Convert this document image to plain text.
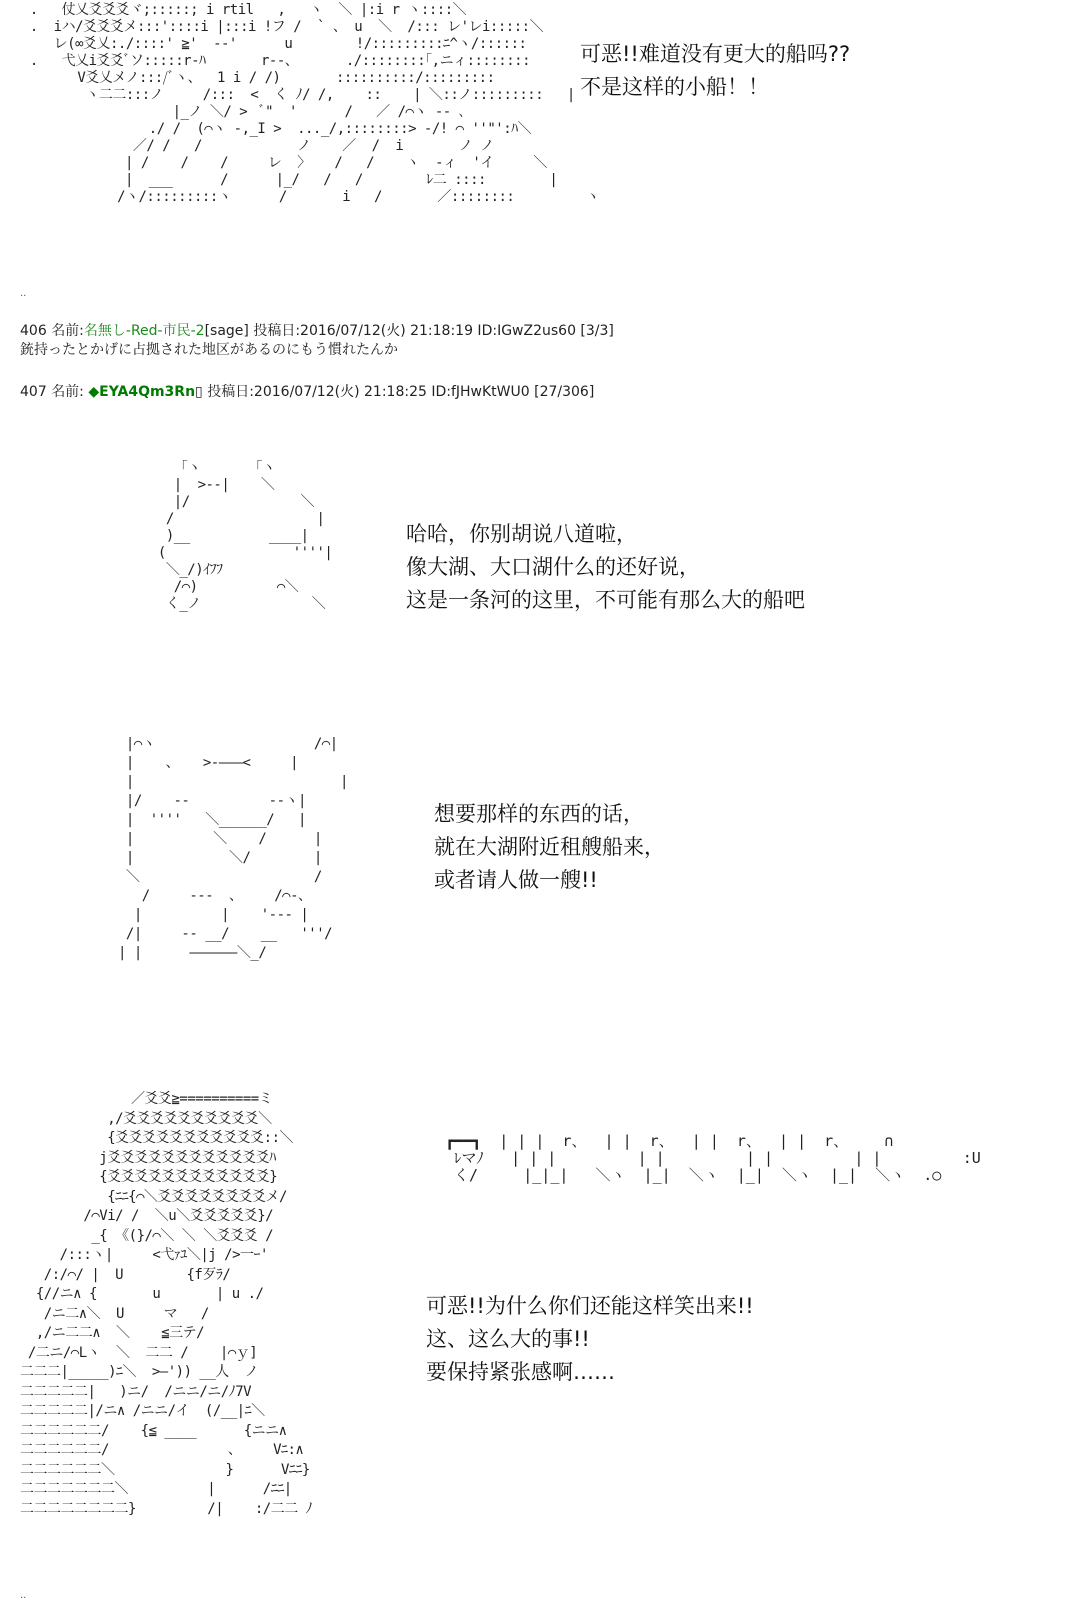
.   仗乂爻爻爻ヾ;:::::; i rtil   ,   ヽ  ＼ |:i r ヽ::::＼
.  iハ/爻爻爻メ:::'::::i |:::i !フ /  ` 、 u  ＼  /::: レ'レi:::::＼
レ(∞爻乂:./::::' ≧'  --'      u        !/:::::::::ﾆ^ヽ/::::::
.   弋乂i爻爻ﾞソ:::::r-ﾊ       r--、      ./::::::::｢,ニィ::::::::
V爻乂メノ:::/ﾞヽ、  1 i / /)       ::::::::::/:::::::::
ヽ二二:::ノ     /:::  <  く ﾉ/ /,    ::    | ＼::ノ:::::::::   |
|_ノ ＼/ >  ﾞ"  '      /   ／ /⌒ヽ -- ､
./ /  (⌒ヽ -,_I >  ..._/,::::::::> -/! ⌒ ''"':ﾊ＼
／/ /   /            ノ    ／  /  i       ノ ノ
| /    /    /     レ  〉   /   /    ヽ  -ィ  'イ     ＼
|  ___      /      |_/   /   /        ﾚ二 ::::        |
/ヽ/:::::::::ヽ      /       i   /       ／::::::::         ヽ
可恶!!难道没有更大的船吗??
不是这样的小船！！
..
406 名前:名無し-Red-市民-2[sage] 投稿日:2016/07/12(火) 21:18:19 ID:IGwZ2us60 [3/3]
銃持ったとかげに占拠された地区があるのにもう慣れたんか
407 名前: ◆EYA4Qm3Rn▯ 投稿日:2016/07/12(火) 21:18:25 ID:fJHwKtWU0 [27/306]
「ヽ      「ヽ
|  >--|    ＼
|/              ＼
/                  |
)__          ____|
(                ''''|
＼_/)ｲﾌﾌ
/⌒)          ⌒＼
く_ノ              ＼
哈哈，你别胡说八道啦，
像大湖、大口湖什么的还好说，
这是一条河的这里，不可能有那么大的船吧
|⌒ヽ                    /⌒|
|    、   >-―――<     |
|                          |
|/    --          --ヽ|
|  ''''   ＼______/   |
|          ＼    /      |
|            ＼/        |
＼                      /
/     ---  、    /⌒‐、
|          |    '--- |
/|     -- __/    __   '''/
| |      ――――――＼_/
想要那样的东西的话，
就在大湖附近租艘船来，
或者请人做一艘!!
／爻爻≧==========ミ
,/爻爻爻爻爻爻爻爻爻爻＼
{爻爻爻爻爻爻爻爻爻爻爻::＼
j爻爻爻爻爻爻爻爻爻爻爻爻ﾊ
{爻爻爻爻爻爻爻爻爻爻爻爻}
{ﾆﾆ{⌒＼爻爻爻爻爻爻爻爻メ/
/⌒Vi/ /  ＼u＼爻爻爻爻爻}/
_{ 《(}/⌒＼ ＼ ＼爻爻爻 /
/:::ヽ|     <弋ｧﾕ＼|j />一ｰ'
/:/⌒/ |  U        {f歹ﾗ/
{//ニ∧ {       u       | u ./
/ニ二∧＼  U     マ   /
,/ニ二二∧  ＼    ≦三テ/
/二ニ/⌒Lヽ  ＼  二二 /    |⌒ｙ]
二二二|_____)ﾆ＼  >―')) __人  ノ
二二二二二|   )ニ/  /ニニ/ニ/ﾉ7V
二二二二二|/ニ∧ /ニニ/イ  (/__|ﾆ＼
二二二二二二/    {≦ ____      {ニニ∧
二二二二二二/               、    Vﾆ:∧
二二二二二二＼              }      Vﾆﾆ}
二二二二二二二＼          |      /ﾆﾆ|
二二二二二二二二}         /|    :/二二 ﾉ
┏━━┓  | | |  r、  | |  r、  | |  r、  | |  r、    ∩
ﾚマﾉ   | | |         | |         | |         | |         :U
く/     |_|_|   ＼ヽ  |_|  ＼ヽ  |_|  ＼ヽ  |_|  ＼ヽ  .○
可恶!!为什么你们还能这样笑出来!!
这、这么大的事!!
要保持紧张感啊……
..
